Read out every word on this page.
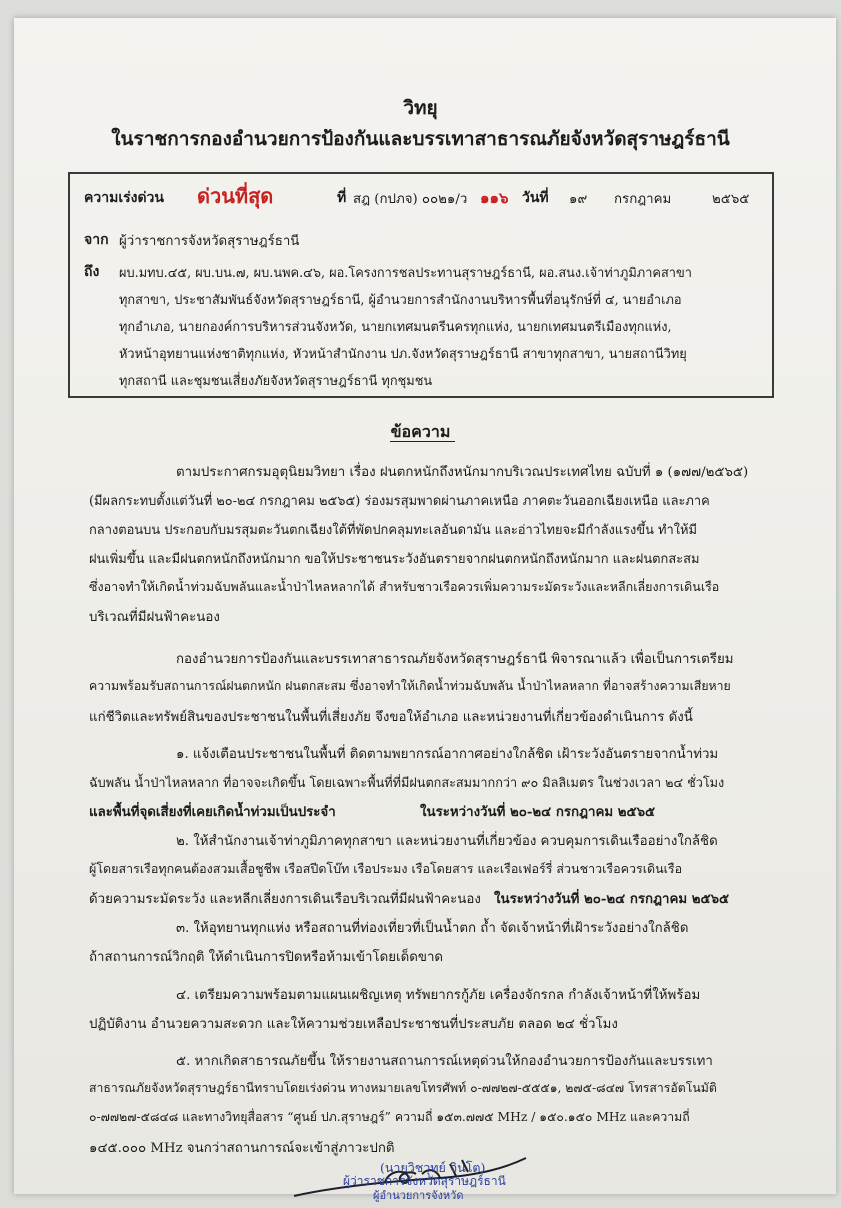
วิทยุ
ในราชการกองอำนวยการป้องกันและบรรเทาสาธารณภัยจังหวัดสุราษฎร์ธานี
ความเร่งด่วน ด่วนที่สุด	ที่ สฎ (กปภจ) ๐๐๒๑/ว ๑๑๖ วันที่ ๑๙ กรกฎาคม	๒๕๖๕
จาก ผู้ว่าราชการจังหวัดสุราษฎร์ธานี
ถึง ผบ.มทบ.๔๕, ผบ.บน.๗, ผบ.นพค.๔๖, ผอ.โครงการชลประทานสุราษฎร์ธานี, ผอ.สนง.เจ้าท่าภูมิภาคสาขา
ทุกสาขา, ประชาสัมพันธ์จังหวัดสุราษฎร์ธานี, ผู้อำนวยการสำนักงานบริหารพื้นที่อนุรักษ์ที่ ๔, นายอำเภอ
ทุกอำเภอ, นายกองค์การบริหารส่วนจังหวัด, นายกเทศมนตรีนครทุกแห่ง, นายกเทศมนตรีเมืองทุกแห่ง,
หัวหน้าอุทยานแห่งชาติทุกแห่ง, หัวหน้าสำนักงาน ปภ.จังหวัดสุราษฎร์ธานี สาขาทุกสาขา, นายสถานีวิทยุ
ทุกสถานี และชุมชนเสี่ยงภัยจังหวัดสุราษฎร์ธานี ทุกชุมชน
ข้อความ
ตามประกาศกรมอุตุนิยมวิทยา เรื่อง ฝนตกหนักถึงหนักมากบริเวณประเทศไทย ฉบับที่ ๑ (๑๗๗/๒๕๖๕)
(มีผลกระทบตั้งแต่วันที่ ๒๐-๒๔ กรกฎาคม ๒๕๖๕) ร่องมรสุมพาดผ่านภาคเหนือ ภาคตะวันออกเฉียงเหนือ และภาค
กลางตอนบน ประกอบกับมรสุมตะวันตกเฉียงใต้ที่พัดปกคลุมทะเลอันดามัน และอ่าวไทยจะมีกำลังแรงขึ้น ทำให้มี
ฝนเพิ่มขึ้น และมีฝนตกหนักถึงหนักมาก ขอให้ประชาชนระวังอันตรายจากฝนตกหนักถึงหนักมาก และฝนตกสะสม
ซึ่งอาจทำให้เกิดน้ำท่วมฉับพลันและน้ำป่าไหลหลากได้ สำหรับชาวเรือควรเพิ่มความระมัดระวังและหลีกเลี่ยงการเดินเรือ
บริเวณที่มีฝนฟ้าคะนอง
กองอำนวยการป้องกันและบรรเทาสาธารณภัยจังหวัดสุราษฎร์ธานี พิจารณาแล้ว เพื่อเป็นการเตรียม
ความพร้อมรับสถานการณ์ฝนตกหนัก ฝนตกสะสม ซึ่งอาจทำให้เกิดน้ำท่วมฉับพลัน น้ำป่าไหลหลาก ที่อาจสร้างความเสียหาย
แก่ชีวิตและทรัพย์สินของประชาชนในพื้นที่เสี่ยงภัย จึงขอให้อำเภอ และหน่วยงานที่เกี่ยวข้องดำเนินการ ดังนี้
๑. แจ้งเตือนประชาชนในพื้นที่ ติดตามพยากรณ์อากาศอย่างใกล้ชิด เฝ้าระวังอันตรายจากน้ำท่วม
ฉับพลัน น้ำป่าไหลหลาก ที่อาจจะเกิดขึ้น โดยเฉพาะพื้นที่ที่มีฝนตกสะสมมากกว่า ๙๐ มิลลิเมตร ในช่วงเวลา ๒๔ ชั่วโมง
และพื้นที่จุดเสี่ยงที่เคยเกิดน้ำท่วมเป็นประจำ	ในระหว่างวันที่ ๒๐-๒๔ กรกฎาคม ๒๕๖๕
๒. ให้สำนักงานเจ้าท่าภูมิภาคทุกสาขา และหน่วยงานที่เกี่ยวข้อง ควบคุมการเดินเรืออย่างใกล้ชิด
ผู้โดยสารเรือทุกคนต้องสวมเสื้อชูชีพ เรือสปีดโบ๊ท เรือประมง เรือโดยสาร และเรือเฟอร์รี่ ส่วนชาวเรือควรเดินเรือ
ด้วยความระมัดระวัง และหลีกเลี่ยงการเดินเรือบริเวณที่มีฝนฟ้าคะนอง ในระหว่างวันที่ ๒๐-๒๔ กรกฎาคม ๒๕๖๕
๓. ให้อุทยานทุกแห่ง หรือสถานที่ท่องเที่ยวที่เป็นน้ำตก ถ้ำ จัดเจ้าหน้าที่เฝ้าระวังอย่างใกล้ชิด
ถ้าสถานการณ์วิกฤติ ให้ดำเนินการปิดหรือห้ามเข้าโดยเด็ดขาด
๔. เตรียมความพร้อมตามแผนเผชิญเหตุ ทรัพยากรกู้ภัย เครื่องจักรกล กำลังเจ้าหน้าที่ให้พร้อม
ปฏิบัติงาน อำนวยความสะดวก และให้ความช่วยเหลือประชาชนที่ประสบภัย ตลอด ๒๔ ชั่วโมง
๕. หากเกิดสาธารณภัยขึ้น ให้รายงานสถานการณ์เหตุด่วนให้กองอำนวยการป้องกันและบรรเทา
สาธารณภัยจังหวัดสุราษฎร์ธานีทราบโดยเร่งด่วน ทางหมายเลขโทรศัพท์ ๐-๗๗๒๗-๕๕๕๑, ๒๗๕-๘๔๗ โทรสารอัตโนมัติ
๐-๗๗๒๗-๕๘๔๘ และทางวิทยุสื่อสาร “ศูนย์ ปภ.สุราษฎร์” ความถี่ ๑๕๓.๗๗๕ MHz / ๑๕๐.๑๕๐ MHz และความถี่
๑๔๕.๐๐๐ MHz จนกว่าสถานการณ์จะเข้าสู่ภาวะปกติ
(นายวิชวุทย์ จินโต)
ผู้ว่าราชการจังหวัดสุราษฎร์ธานี
ผู้อำนวยการจังหวัด
